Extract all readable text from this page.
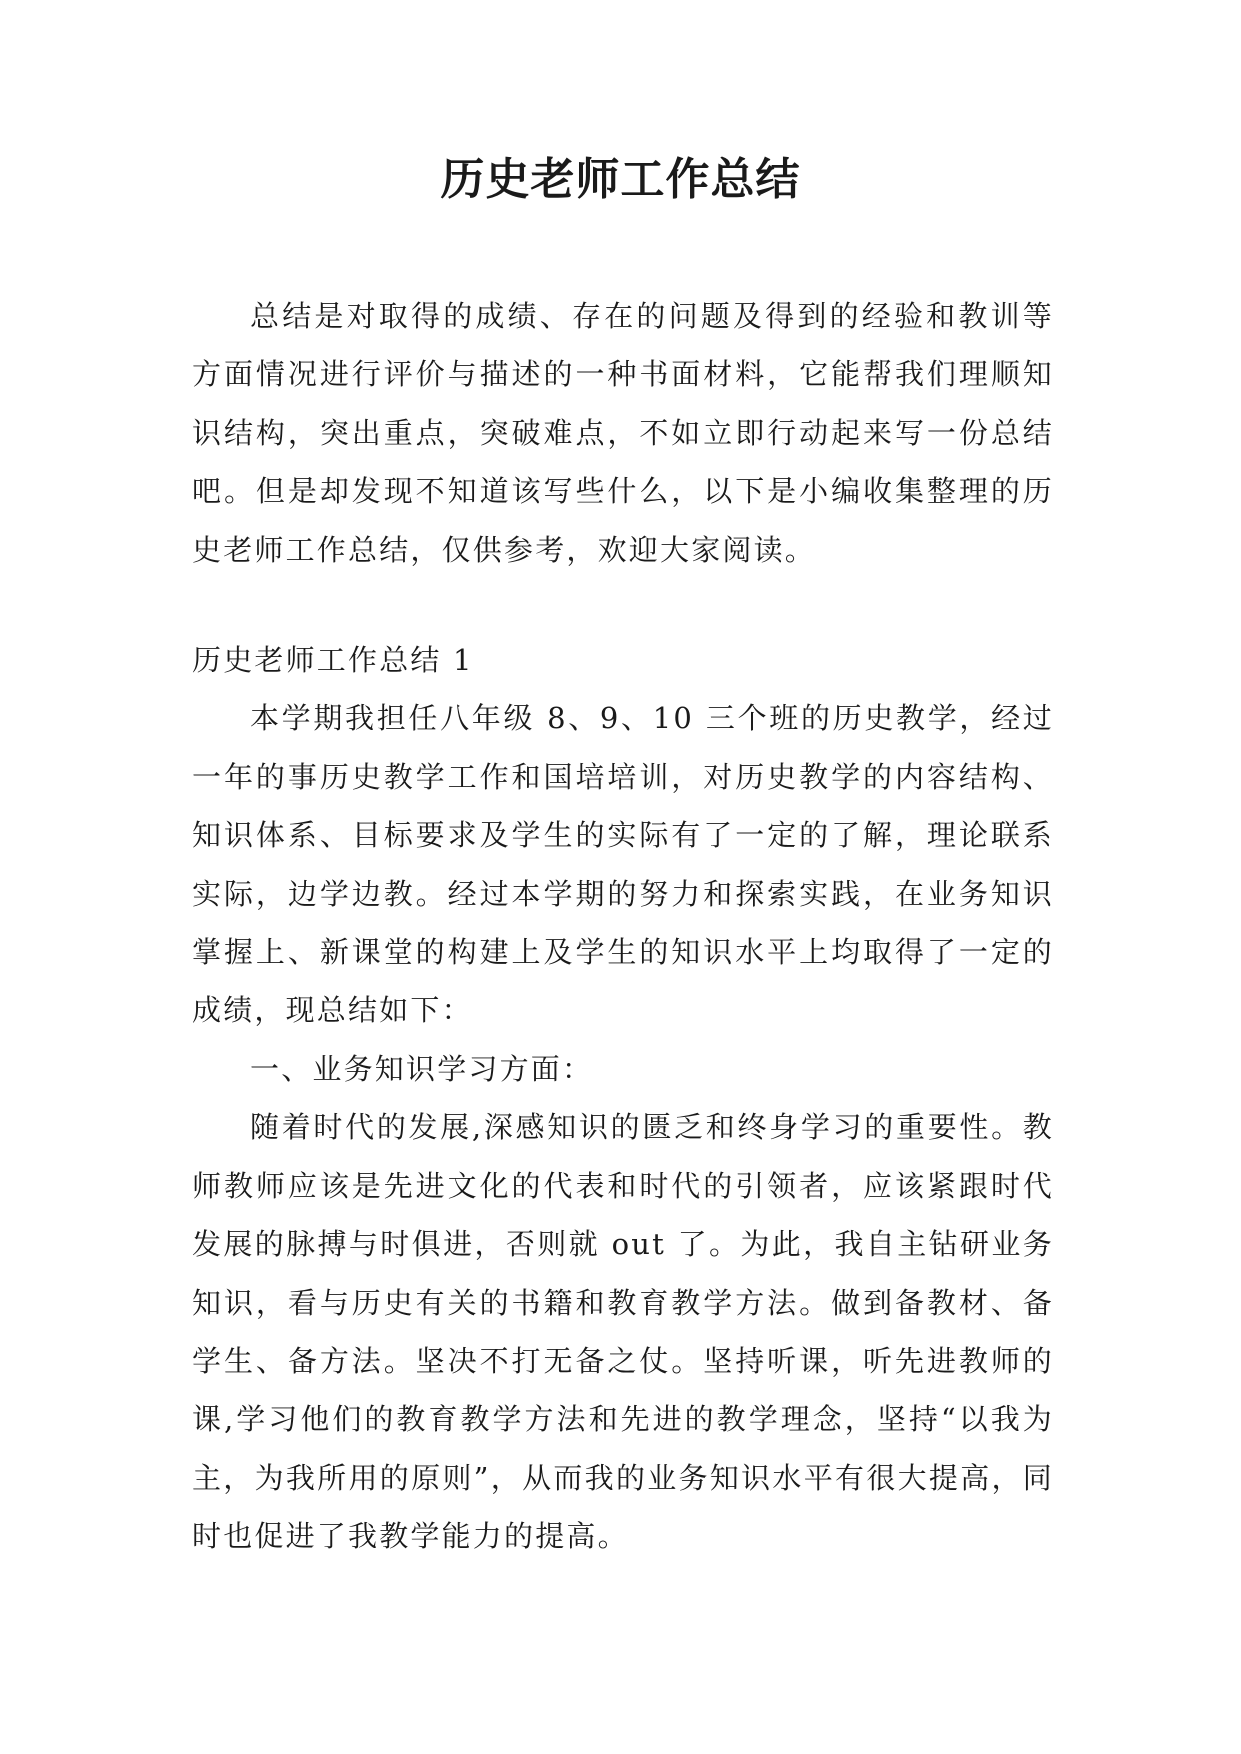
历史老师工作总结

总结是对取得的成绩、存在的问题及得到的经验和教训等方面情况进行评价与描述的一种书面材料，它能帮我们理顺知识结构，突出重点，突破难点，不如立即行动起来写一份总结吧。但是却发现不知道该写些什么，以下是小编收集整理的历史老师工作总结，仅供参考，欢迎大家阅读。

历史老师工作总结 1

本学期我担任八年级 8、9、10 三个班的历史教学，经过一年的事历史教学工作和国培培训，对历史教学的内容结构、知识体系、目标要求及学生的实际有了一定的了解，理论联系实际，边学边教。经过本学期的努力和探索实践，在业务知识掌握上、新课堂的构建上及学生的知识水平上均取得了一定的成绩，现总结如下：

一、业务知识学习方面：

随着时代的发展,深感知识的匮乏和终身学习的重要性。教师教师应该是先进文化的代表和时代的引领者，应该紧跟时代发展的脉搏与时俱进，否则就 out 了。为此，我自主钻研业务知识，看与历史有关的书籍和教育教学方法。做到备教材、备学生、备方法。坚决不打无备之仗。坚持听课，听先进教师的课,学习他们的教育教学方法和先进的教学理念，坚持“以我为主，为我所用的原则”，从而我的业务知识水平有很大提高，同时也促进了我教学能力的提高。
